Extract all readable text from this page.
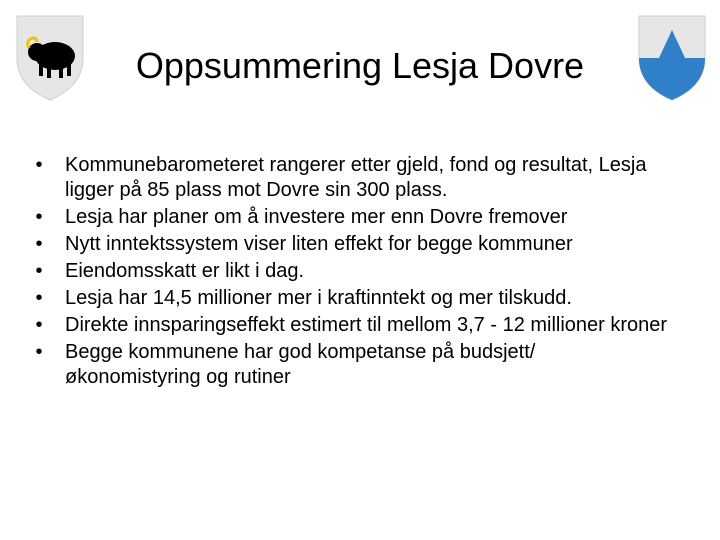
Oppsummering Lesja Dovre
• Kommunebarometeret rangerer etter gjeld, fond og resultat, Lesja ligger på 85 plass mot Dovre sin 300 plass.
• Lesja har planer om å investere mer enn Dovre fremover
• Nytt inntektssystem viser liten effekt for begge kommuner
• Eiendomsskatt er likt i dag.
• Lesja har 14,5 millioner mer i kraftinntekt og mer tilskudd.
• Direkte innsparingseffekt estimert til mellom 3,7 - 12 millioner kroner
• Begge kommunene har god kompetanse på budsjett/økonomistyring og rutiner
